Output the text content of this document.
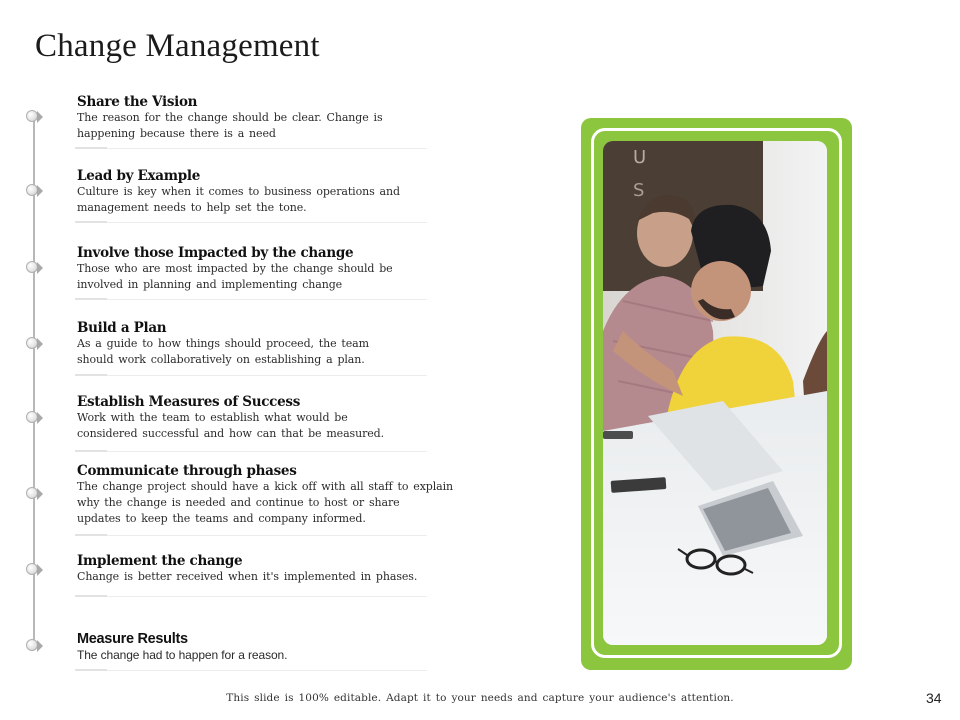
Change Management
Share the Vision
The reason for the change should be clear. Change is
happening because there is a need
Lead by Example
Culture is key when it comes to business operations and
management needs to help set the tone.
Involve those Impacted by the change
Those who are most impacted by the change should be
involved in planning and implementing change
Build a Plan
As a guide to how things should proceed, the team
should work collaboratively on establishing a plan.
Establish Measures of Success
Work with the team to establish what would be
considered successful and how can that be measured.
Communicate through phases
The change project should have a kick off with all staff to explain
why the change is needed and continue to host or share
updates to keep the teams and company informed.
Implement the change
Change is better received when it's implemented in phases.
Measure Results
The change had to happen for a reason.
U
S
This slide is 100% editable. Adapt it to your needs and capture your audience's attention.	34
